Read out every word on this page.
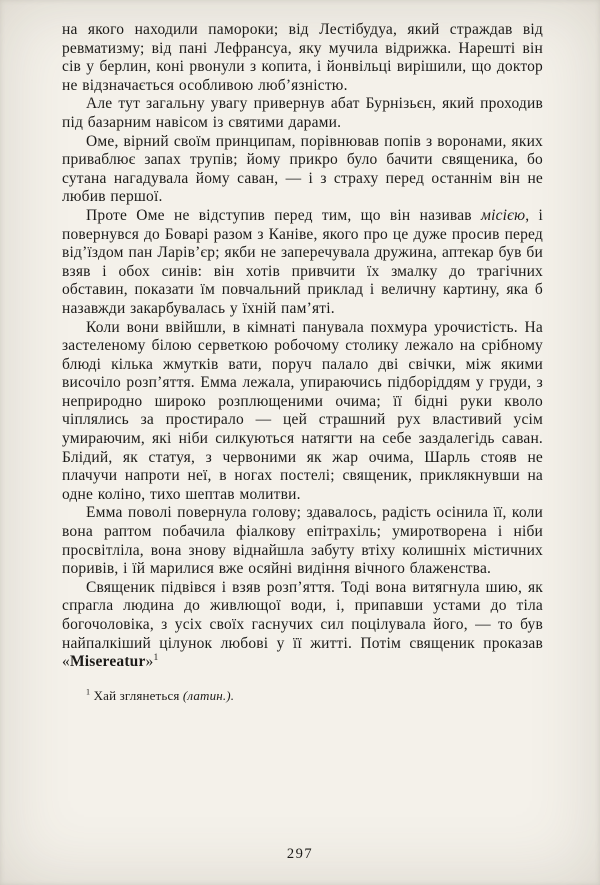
на якого находили памороки; від Лестібудуа, який страждав від ревматизму; від пані Лефрансуа, яку мучила відрижка. Нарешті він сів у берлин, коні рвонули з копита, і йонвільці вирішили, що доктор не відзначається особливою люб’язністю.

Але тут загальну увагу привернув абат Бурнізьєн, який проходив під базарним навісом із святими дарами.

Оме, вірний своїм принципам, порівнював попів з воронами, яких приваблює запах трупів; йому прикро було бачити священика, бо сутана нагадувала йому саван, — і з страху перед останнім він не любив першої.

Проте Оме не відступив перед тим, що він називав місією, і повернувся до Боварі разом з Каніве, якого про це дуже просив перед від’їздом пан Ларів’єр; якби не заперечувала дружина, аптекар був би взяв і обох синів: він хотів привчити їх змалку до трагічних обставин, показати їм повчальний приклад і величну картину, яка б назавжди закарбувалась у їхній пам’яті.

Коли вони ввійшли, в кімнаті панувала похмура урочистість. На застеленому білою серветкою робочому столику лежало на срібному блюді кілька жмутків вати, поруч палало дві свічки, між якими височіло розп’яття. Емма лежала, упираючись підборіддям у груди, з неприродно широко розплющеними очима; її бідні руки кволо чіплялись за простирало — цей страшний рух властивий усім умираючим, які ніби силкуються натягти на себе заздалегідь саван. Блідий, як статуя, з червоними як жар очима, Шарль стояв не плачучи напроти неї, в ногах постелі; священик, приклякнувши на одне коліно, тихо шептав молитви.

Емма поволі повернула голову; здавалось, радість осінила її, коли вона раптом побачила фіалкову епітрахіль; умиротворена і ніби просвітліла, вона знову віднайшла забуту втіху колишніх містичних поривів, і їй марилися вже осяйні видіння вічного блаженства.

Священик підвівся і взяв розп’яття. Тоді вона витягнула шию, як спрагла людина до живлющої води, і, припавши устами до тіла богочоловіка, з усіх своїх гаснучих сил поцілувала його, — то був найпалкіший цілунок любові у її житті. Потім священик проказав «Misereatur»$^1$

$^1$ Хай зглянеться (латин.).
297
